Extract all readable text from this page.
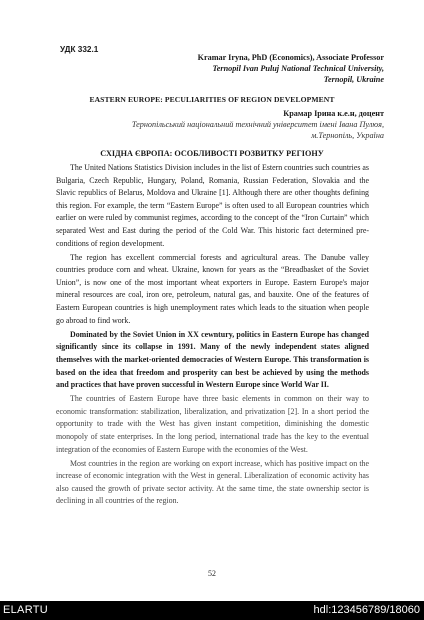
УДК 332.1
Kramar Iryna, PhD (Economics), Associate Professor
Ternopil Ivan Puluj National Technical University,
Ternopil, Ukraine
EASTERN EUROPE: PECULIARITIES OF REGION DEVELOPMENT
Крамар Ірина к.е.н, доцент
Тернопільський національний технічний університет імені Івана Пулюя,
м.Тернопіль, Україна
СХІДНА ЄВРОПА: ОСОБЛИВОСТІ РОЗВИТКУ РЕГІОНУ

The United Nations Statistics Division includes in the list of Estern countries such countries as Bulgaria, Czech Republic, Hungary, Poland, Romania, Russian Federation, Slovakia and the Slavic republics of Belarus, Moldova and Ukraine [1]. Although there are other thoughts defining this region. For example, the term “Eastern Europe” is often used to all European countries which earlier on were ruled by communist regimes, according to the concept of the “Iron Curtain” which separated West and East during the period of the Cold War. This historic fact determined pre-conditions of region development.

The region has excellent commercial forests and agricultural areas. The Danube valley countries produce corn and wheat. Ukraine, known for years as the “Breadbasket of the Soviet Union”, is now one of the most important wheat exporters in Europe. Eastern Europe's major mineral resources are coal, iron ore, petroleum, natural gas, and bauxite. One of the features of Eastern European countries is high unemployment rates which leads to the situation when people go abroad to find work.

Dominated by the Soviet Union in XX cewntury, politics in Eastern Europe has changed significantly since its collapse in 1991. Many of the newly independent states aligned themselves with the market-oriented democracies of Western Europe. This transformation is based on the idea that freedom and prosperity can best be achieved by using the methods and practices that have proven successful in Western Europe since World War II.

The countries of Eastern Europe have three basic elements in common on their way to economic transformation: stabilization, liberalization, and privatization [2]. In a short period the opportunity to trade with the West has given instant competition, diminishing the domestic monopoly of state enterprises. In the long period, international trade has the key to the eventual integration of the economies of Eastern Europe with the economies of the West.

Most countries in the region are working on export increase, which has positive impact on the increase of economic integration with the West in general. Liberalization of economic activity has also caused the growth of private sector activity. At the same time, the state ownership sector is declining in all countries of the region.

52
ELARTU	hdl:123456789/18060
